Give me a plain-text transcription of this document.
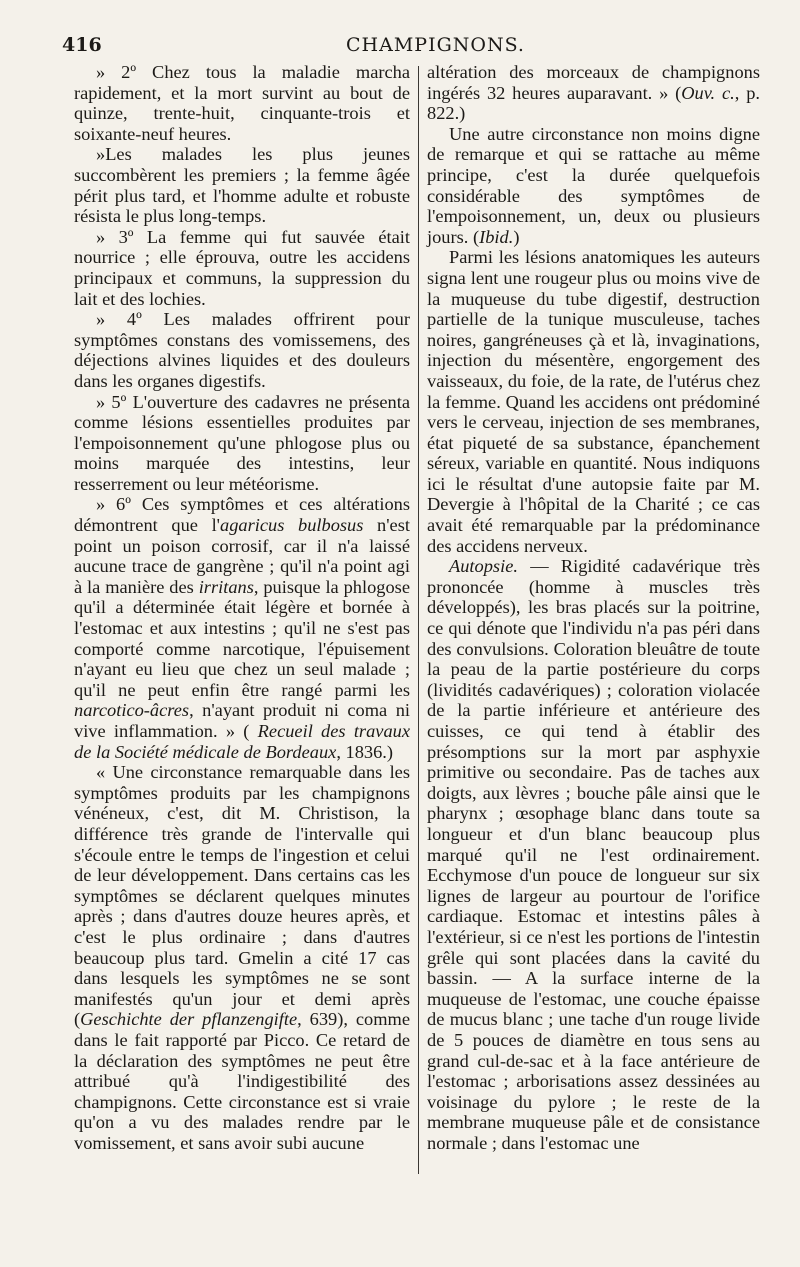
416	CHAMPIGNONS.

» 2º Chez tous la maladie marcha rapidement, et la mort survint au bout de quinze, trente-huit, cinquante-trois et soixante-neuf heures.

»Les malades les plus jeunes succombèrent les premiers ; la femme âgée périt plus tard, et l'homme adulte et robuste résista le plus long-temps.

» 3º La femme qui fut sauvée était nourrice ; elle éprouva, outre les accidens principaux et communs, la suppression du lait et des lochies.

» 4º Les malades offrirent pour symptômes constans des vomissemens, des déjections alvines liquides et des douleurs dans les organes digestifs.

» 5º L'ouverture des cadavres ne présenta comme lésions essentielles produites par l'empoisonnement qu'une phlogose plus ou moins marquée des intestins, leur resserrement ou leur météorisme.

» 6º Ces symptômes et ces altérations démontrent que l'agaricus bulbosus n'est point un poison corrosif, car il n'a laissé aucune trace de gangrène ; qu'il n'a point agi à la manière des irritans, puisque la phlogose qu'il a déterminée était légère et bornée à l'estomac et aux intestins ; qu'il ne s'est pas comporté comme narcotique, l'épuisement n'ayant eu lieu que chez un seul malade ; qu'il ne peut enfin être rangé parmi les narcotico-âcres, n'ayant produit ni coma ni vive inflammation. » ( Recueil des travaux de la Société médicale de Bordeaux, 1836.)

« Une circonstance remarquable dans les symptômes produits par les champignons vénéneux, c'est, dit M. Christison, la différence très grande de l'intervalle qui s'écoule entre le temps de l'ingestion et celui de leur développement. Dans certains cas les symptômes se déclarent quelques minutes après ; dans d'autres douze heures après, et c'est le plus ordinaire ; dans d'autres beaucoup plus tard. Gmelin a cité 17 cas dans lesquels les symptômes ne se sont manifestés qu'un jour et demi après (Geschichte der pflanzengifte, 639), comme dans le fait rapporté par Picco. Ce retard de la déclaration des symptômes ne peut être attribué qu'à l'indigestibilité des champignons. Cette circonstance est si vraie qu'on a vu des malades rendre par le vomissement, et sans avoir subi aucune

altération des morceaux de champignons ingérés 32 heures auparavant. » (Ouv. c., p. 822.)

Une autre circonstance non moins digne de remarque et qui se rattache au même principe, c'est la durée quelquefois considérable des symptômes de l'empoisonnement, un, deux ou plusieurs jours. (Ibid.)

Parmi les lésions anatomiques les auteurs signa lent une rougeur plus ou moins vive de la muqueuse du tube digestif, destruction partielle de la tunique musculeuse, taches noires, gangréneuses çà et là, invaginations, injection du mésentère, engorgement des vaisseaux, du foie, de la rate, de l'utérus chez la femme. Quand les accidens ont prédominé vers le cerveau, injection de ses membranes, état piqueté de sa substance, épanchement séreux, variable en quantité. Nous indiquons ici le résultat d'une autopsie faite par M. Devergie à l'hôpital de la Charité ; ce cas avait été remarquable par la prédominance des accidens nerveux.

Autopsie. — Rigidité cadavérique très prononcée (homme à muscles très développés), les bras placés sur la poitrine, ce qui dénote que l'individu n'a pas péri dans des convulsions. Coloration bleuâtre de toute la peau de la partie postérieure du corps (lividités cadavériques) ; coloration violacée de la partie inférieure et antérieure des cuisses, ce qui tend à établir des présomptions sur la mort par asphyxie primitive ou secondaire. Pas de taches aux doigts, aux lèvres ; bouche pâle ainsi que le pharynx ; œsophage blanc dans toute sa longueur et d'un blanc beaucoup plus marqué qu'il ne l'est ordinairement. Ecchymose d'un pouce de longueur sur six lignes de largeur au pourtour de l'orifice cardiaque. Estomac et intestins pâles à l'extérieur, si ce n'est les portions de l'intestin grêle qui sont placées dans la cavité du bassin. — A la surface interne de la muqueuse de l'estomac, une couche épaisse de mucus blanc ; une tache d'un rouge livide de 5 pouces de diamètre en tous sens au grand cul-de-sac et à la face antérieure de l'estomac ; arborisations assez dessinées au voisinage du pylore ; le reste de la membrane muqueuse pâle et de consistance normale ; dans l'estomac une
